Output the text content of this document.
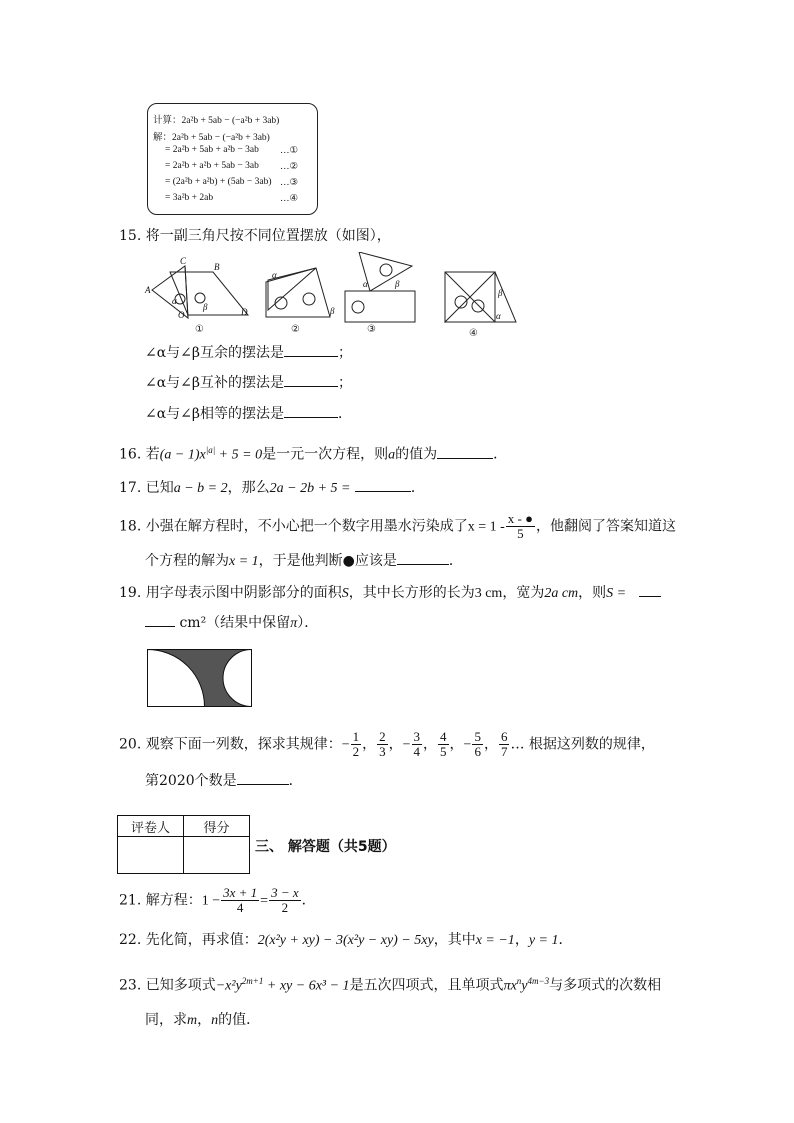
计算：2a²b + 5ab − (−a²b + 3ab)
解：2a²b + 5ab − (−a²b + 3ab)
= 2a²b + 5ab + a²b − 3ab …①
= 2a²b + a²b + 5ab − 3ab …②
= (2a²b + a²b) + (5ab − 3ab) …③
= 3a²b + 2ab	…④
15. 将一副三角尺按不同位置摆放（如图），
A
C
B
D
O
α
β
α
β
α	β
β
α
①	②	③	④
∠α与∠β互余的摆法是	；
∠α与∠β互补的摆法是	；
∠α与∠β相等的摆法是	．
16. 若$(a - 1)x^{|a|} + 5 = 0$是一元一次方程，则a的值为	．
17. 已知a − b = 2，那么2a − 2b + 5 =	．
18. 小强在解方程时，不小心把一个数字用墨水污染成了$x = 1 - \frac{x - ●}{5}$ ，他翻阅了答案知道这
个方程的解为x = 1，于是他判断●应该是	．
19. 用字母表示图中阴影部分的面积S，其中长方形的长为3 cm，宽为2a cm，则S =
cm²（结果中保留π）．
20. 观察下面一列数，探求其规律：− $\frac{1}{2}$ ， $\frac{2}{3}$ ，− $\frac{3}{4}$ ， $\frac{4}{5}$ ，− $\frac{5}{6}$ ， $\frac{6}{7}$ … 根据这列数的规律，
第2020个数是	．
评卷人	得分

三、 解答题（共5题）
21. 解方程：$1 - \frac{3x + 1}{4} = \frac{3 - x}{2}$ ．
22. 先化简，再求值：2(x²y + xy) − 3(x²y − xy) − 5xy，其中x = −1，y = 1．
23. 已知多项式$-x^2y^{2m+1}$ + xy − 6x³ − 1是五次四项式，且单项式$\pi x^ny^{4m-3}$与多项式的次数相
同，求m，n的值．
